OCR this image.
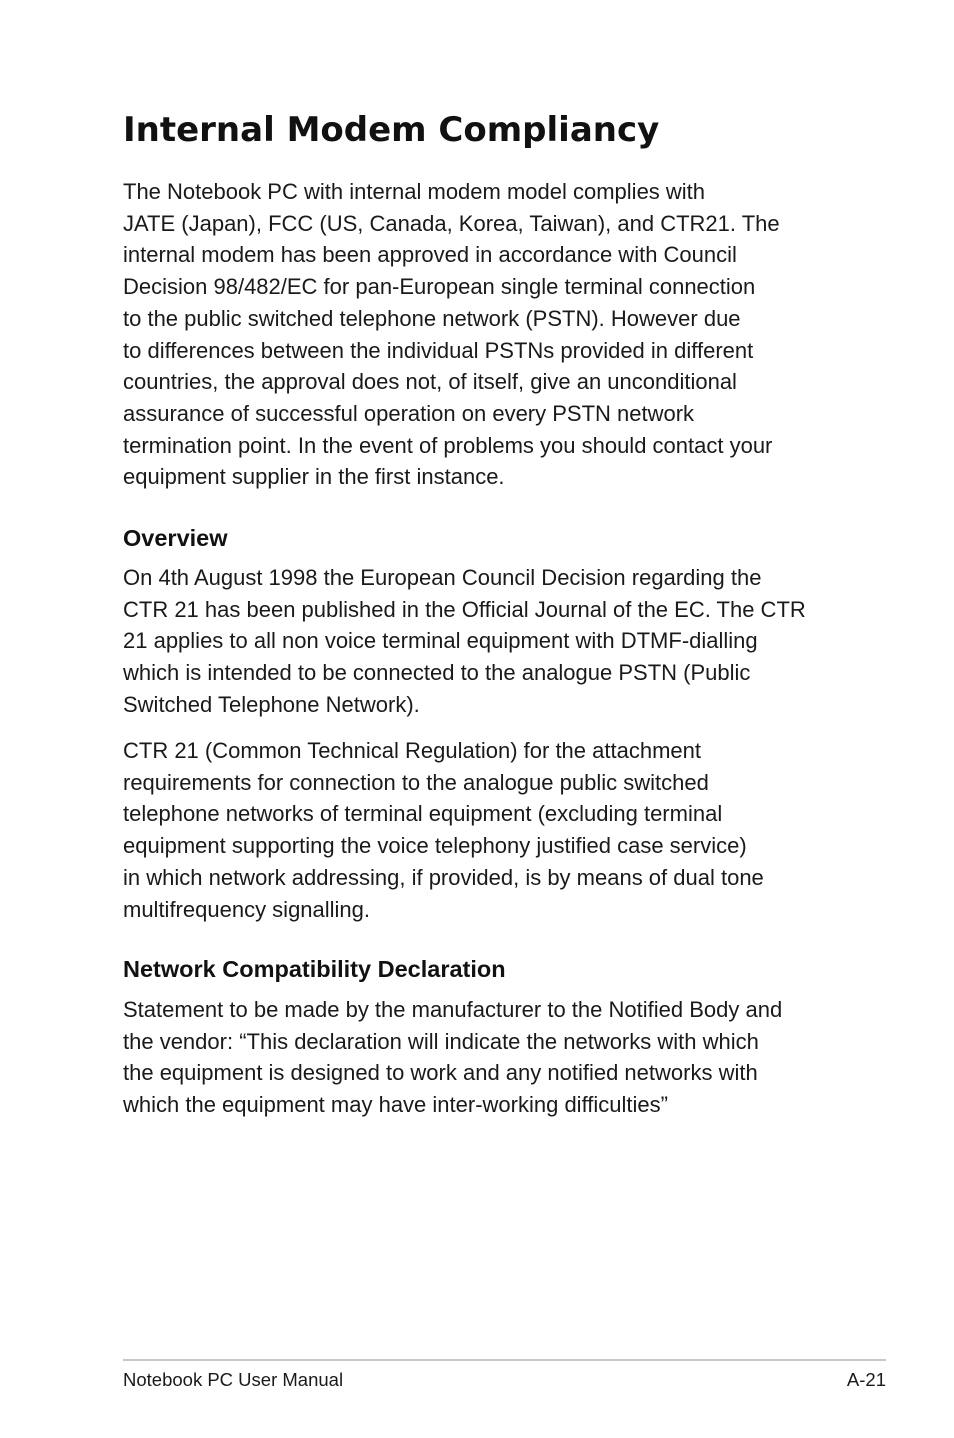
Internal Modem Compliancy
The Notebook PC with internal modem model complies with
JATE (Japan), FCC (US, Canada, Korea, Taiwan), and CTR21. The
internal modem has been approved in accordance with Council
Decision 98/482/EC for pan-European single terminal connection
to the public switched telephone network (PSTN). However due
to differences between the individual PSTNs provided in different
countries, the approval does not, of itself, give an unconditional
assurance of successful operation on every PSTN network
termination point. In the event of problems you should contact your
equipment supplier in the first instance.
Overview
On 4th August 1998 the European Council Decision regarding the
CTR 21 has been published in the Official Journal of the EC. The CTR
21 applies to all non voice terminal equipment with DTMF-dialling
which is intended to be connected to the analogue PSTN (Public
Switched Telephone Network).
CTR 21 (Common Technical Regulation) for the attachment
requirements for connection to the analogue public switched
telephone networks of terminal equipment (excluding terminal
equipment supporting the voice telephony justified case service)
in which network addressing, if provided, is by means of dual tone
multifrequency signalling.
Network Compatibility Declaration
Statement to be made by the manufacturer to the Notified Body and
the vendor: “This declaration will indicate the networks with which
the equipment is designed to work and any notified networks with
which the equipment may have inter-working difficulties”
Notebook PC User Manual	A-21
